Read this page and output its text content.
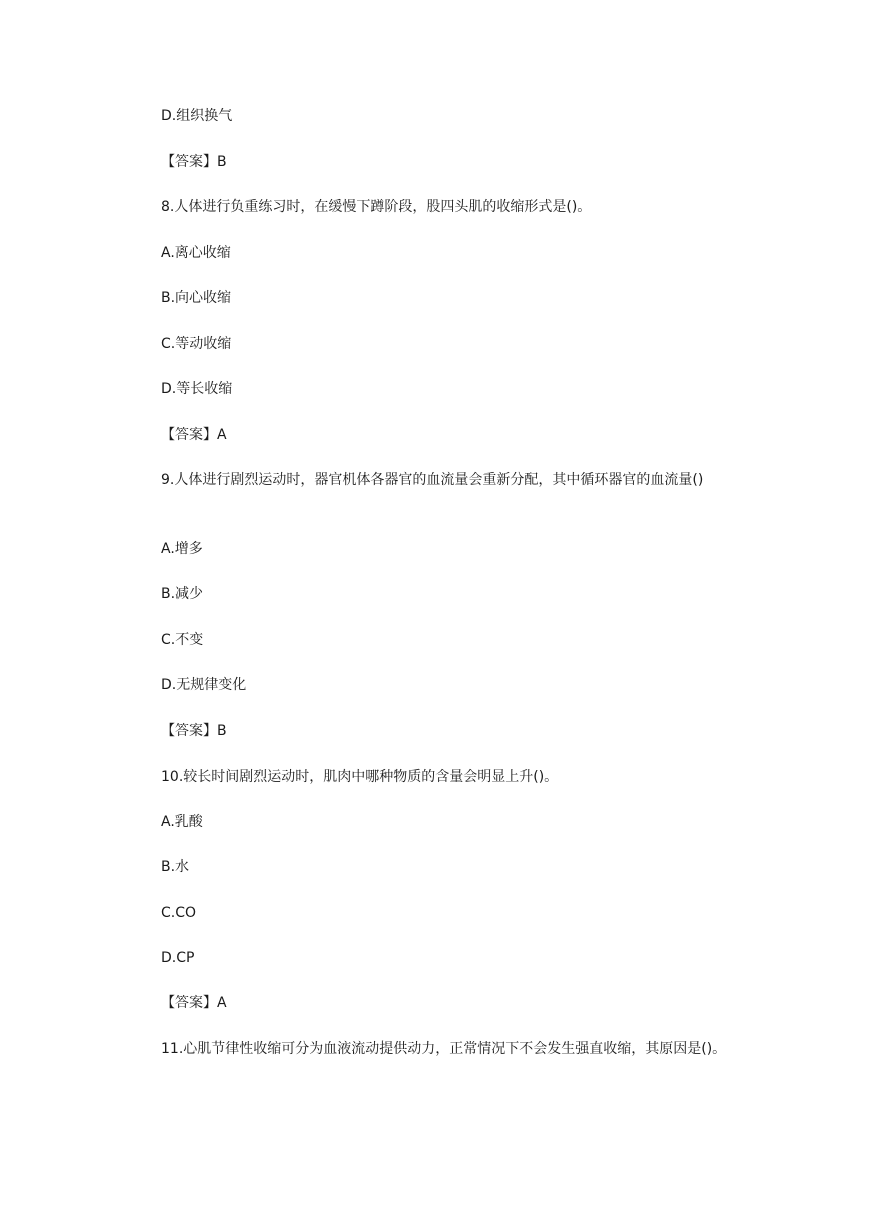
D.组织换气
【答案】B
8.人体进行负重练习时，在缓慢下蹲阶段，股四头肌的收缩形式是()。
A.离心收缩
B.向心收缩
C.等动收缩
D.等长收缩
【答案】A
9.人体进行剧烈运动时，器官机体各器官的血流量会重新分配，其中循环器官的血流量()
A.增多
B.减少
C.不变
D.无规律变化
【答案】B
10.较长时间剧烈运动时，肌肉中哪种物质的含量会明显上升()。
A.乳酸
B.水
C.CO
D.CP
【答案】A
11.心肌节律性收缩可分为血液流动提供动力，正常情况下不会发生强直收缩，其原因是()。
